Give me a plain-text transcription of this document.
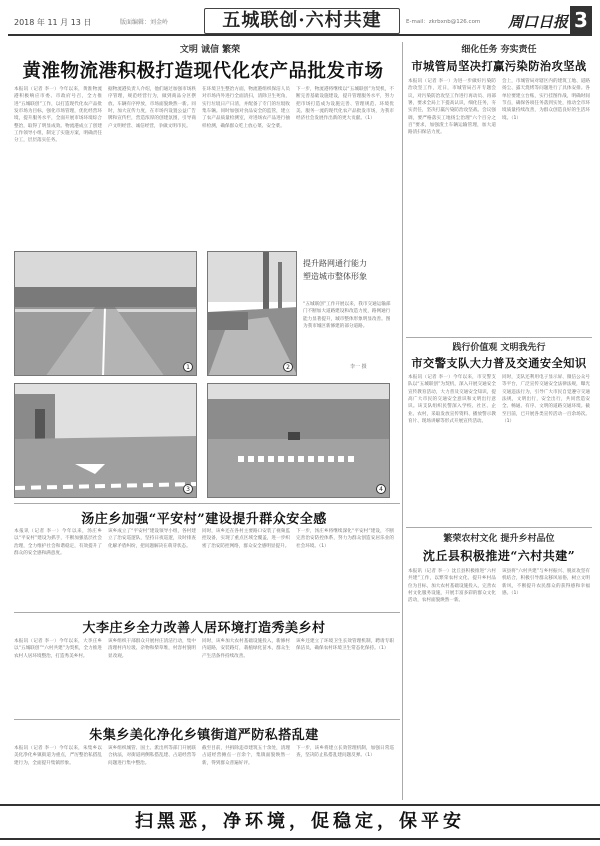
2018 年 11 月 13 日	版面编辑：刘金岭	五城联创·六村共建	E-mail：zkrbxnb@126.com 周口日报 3
文明 诚信 繁荣
黄淮物流港积极打造现代化农产品批发市场
本报讯（记者 李一）今年以来，黄淮物流港积极响应市委、市政府号召，全力推进“五城联创”工作，以打造现代化农产品批发市场为目标，强化市场管理，优化经营环境，提升服务水平，全面开展市场环境综合整治，取得了明显成效。物流港成立了创建工作领导小组，制定了实施方案，明确责任分工，层层落实任务。
据物流港负责人介绍，他们通过加强市场秩序管理，规范经营行为，做到商品分区摆放、车辆有序停放，市场面貌焕然一新。同时，加大宣传力度，在市场内设置公益广告牌和宣传栏，营造浓厚的创建氛围，引导商户文明经营、诚信经营，争做文明市民。
在环境卫生整治方面，物流港组织保洁人员对市场内外进行全面清扫，清除卫生死角，实行垃圾日产日清，并配备了专门的垃圾收集车辆。同时加强对食品安全的监管，建立了农产品质量检测室，对进场农产品进行抽样检测，确保群众吃上放心菜、安全菜。
下一步，物流港将继续以“五城联创”为契机，不断完善基础设施建设，提升管理服务水平，努力把市场打造成为设施完善、管理规范、环境优美、服务一流的现代化农产品批发市场，为我市经济社会发展作出新的更大贡献。（1）
1	2
3	4
提升路网通行能力
塑造城市整体形象
“五城联创”工作开展以来，我市交通运输部门不断加大道路建设和改造力度，路网通行能力显著提升，城市整体形象明显改善。图为我市城区新修建的部分道路。
李一 摄
汤庄乡加强“平安村”建设提升群众安全感
本报讯（记者 李一）今年以来，汤庄乡以“平安村”建设为抓手，不断加强基层社会治理，全力维护社会和谐稳定，有效提升了群众的安全感和满意度。
该乡成立了“平安村”建设领导小组，各村建立了治安巡逻队，坚持日夜巡逻，及时排查化解矛盾纠纷，把问题解决在萌芽状态。
同时，该乡还在各村主要路口安装了视频监控设备，实现了重点区域全覆盖，进一步织密了治安防控网络，群众安全感明显提升。
下一步，汤庄乡将继续深化“平安村”建设，不断完善治安防控体系，努力为群众创造安居乐业的社会环境。（1）
大李庄乡全力改善人居环境打造秀美乡村
本报讯（记者 李一）今年以来，大李庄乡以“五城联创”“六村共建”为契机，全力推进农村人居环境整治，打造秀美乡村。
该乡组织干部群众开展村庄清洁行动，集中清理村内垃圾、杂物和柴草堆，村容村貌明显改观。
同时，该乡加大农村基础设施投入，新修村内道路，安装路灯，栽植绿化苗木，群众生产生活条件持续改善。
该乡还建立了环境卫生长效管理机制，聘请专职保洁员，确保农村环境卫生常态化保持。（1）
朱集乡美化净化乡镇街道严防私搭乱建
本报讯（记者 李一）今年以来，朱集乡以美化净化乡镇街道为重点，严厉整治私搭乱建行为，全面提升集镇形象。
该乡组织城管、国土、派出所等部门开展联合执法，对街道两侧私搭乱建、占道经营等问题进行集中整治。
截至目前，共拆除违章建筑五十余处，清理占道经营摊点一百余个，集镇面貌焕然一新，得到群众普遍好评。
下一步，该乡将建立长效管理机制，加强日常巡查，坚决防止私搭乱建问题反弹。（1）
细化任务 夯实责任
市城管局坚决打赢污染防治攻坚战
本报讯（记者 李一）为进一步做好污染防治攻坚工作，近日，市城管局召开专题会议，对污染防治攻坚工作进行再动员、再部署，要求全局上下提高认识，细化任务，夯实责任，坚决打赢污染防治攻坚战。会议强调，要严格落实工地扬尘治理“六个百分之百”要求，加强渣土车辆运输管理，加大道路清扫保洁力度。
会上，市城管局对辖区内的建筑工地、道路扬尘、露天烧烤等问题进行了具体安排。各单位要建立台账，实行挂图作战，明确时间节点，确保各项任务落到实处，推动全市环境质量持续改善，为群众创造良好的生活环境。（1）
践行价值观 文明我先行
市交警支队大力普及交通安全知识
本报讯（记者 李一）今年以来，市交警支队以“五城联创”为契机，深入开展交通安全宣传教育活动，大力普及交通安全知识，提高广大市民的交通安全意识和文明出行意识。该支队组织民警深入学校、社区、企业、农村，采取发放宣传资料、播放警示教育片、现场讲解等形式开展宣传活动。
同时，支队还利用电子显示屏、微信公众号等平台，广泛宣传交通安全法律法规，曝光交通违法行为，引导广大市民自觉遵守交通法规，文明出行，安全出行，共同营造安全、畅通、有序、文明的道路交通环境。截至目前，已开展各类宣传活动一百余场次。（1）
繁荣农村文化 提升乡村品位
沈丘县积极推进“六村共建”
本报讯（记者 李一）沈丘县积极推进“六村共建”工作，以繁荣农村文化、提升乡村品位为目标，加大农村基础设施投入，完善农村文化服务设施，开展丰富多彩的群众文化活动，农村面貌焕然一新。
该县将“六村共建”与乡村振兴、脱贫攻坚有机结合，积极引导群众移风易俗，树立文明新风，不断提升农民群众的获得感和幸福感。（1）
扫黑恶，净环境，促稳定，保平安
